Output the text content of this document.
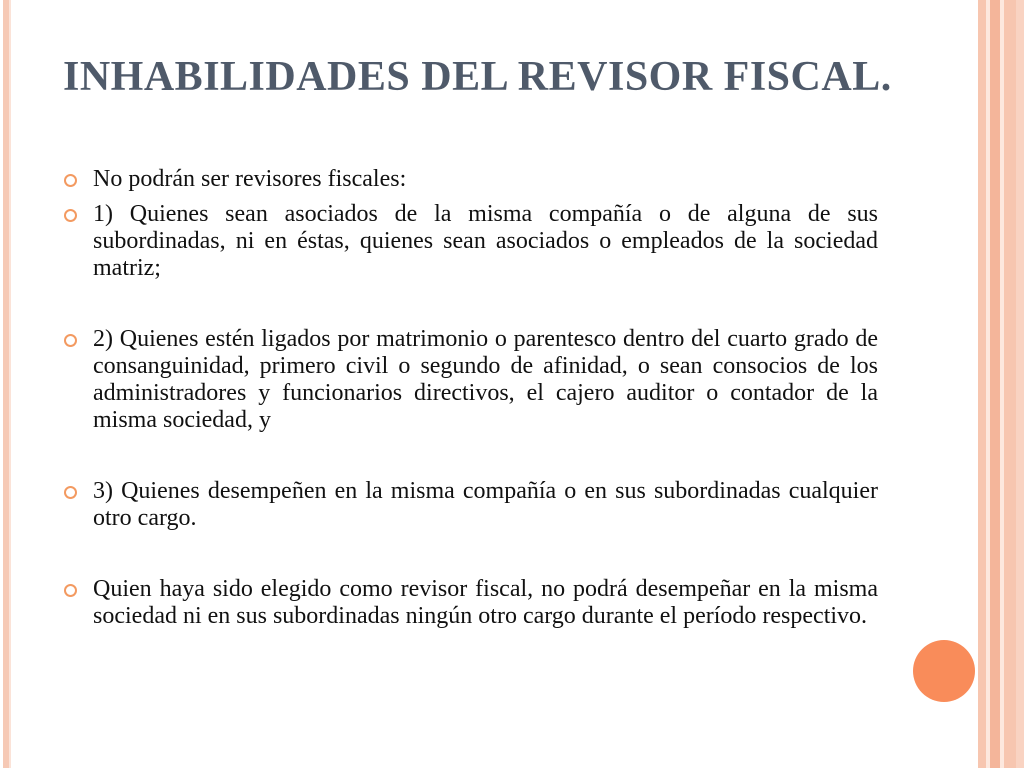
INHABILIDADES DEL REVISOR FISCAL.

No podrán ser revisores fiscales:

1) Quienes sean asociados de la misma compañía o de alguna de sus subordinadas, ni en éstas, quienes sean asociados o empleados de la sociedad matriz;

2) Quienes estén ligados por matrimonio o parentesco dentro del cuarto grado de consanguinidad, primero civil o segundo de afinidad, o sean consocios de los administradores y funcionarios directivos, el cajero auditor o contador de la misma sociedad, y

3) Quienes desempeñen en la misma compañía o en sus subordinadas cualquier otro cargo.

Quien haya sido elegido como revisor fiscal, no podrá desempeñar en la misma sociedad ni en sus subordinadas ningún otro cargo durante el período respectivo.
